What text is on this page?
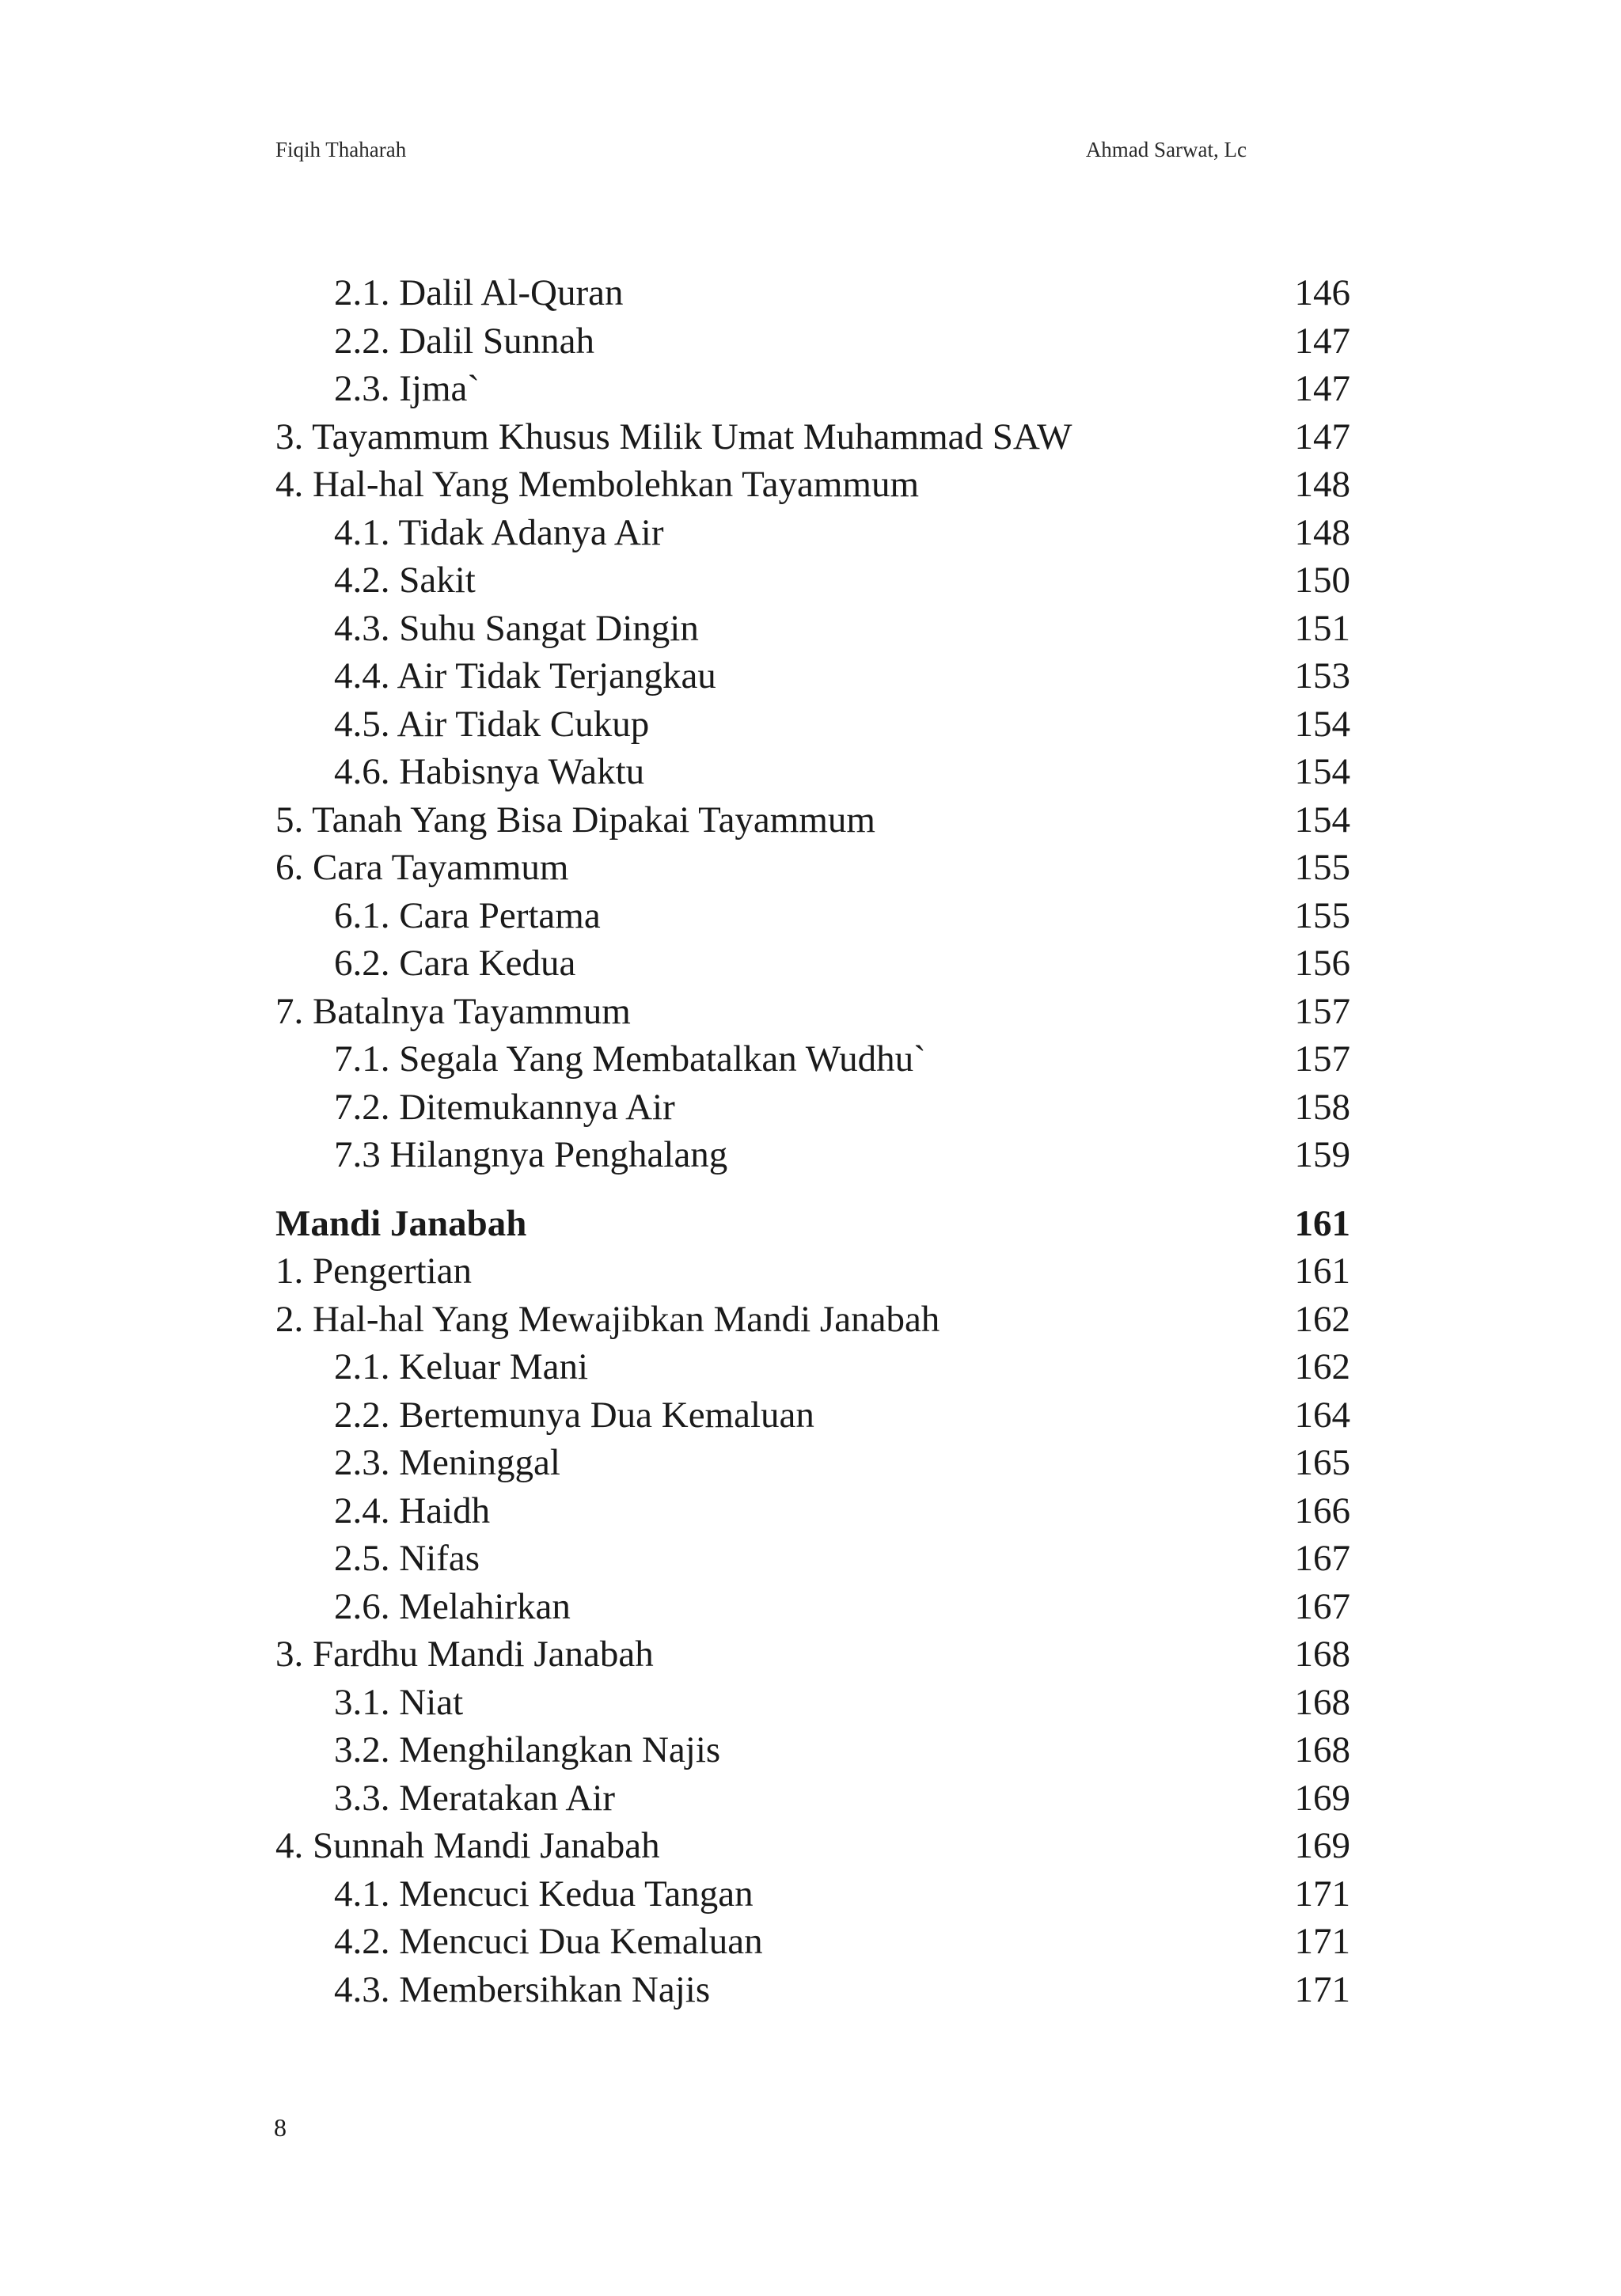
Fiqih Thaharah	Ahmad Sarwat, Lc
2.1. Dalil Al-Quran	146
2.2. Dalil Sunnah	147
2.3. Ijma`	147
3. Tayammum Khusus Milik Umat Muhammad SAW	147
4. Hal-hal Yang Membolehkan Tayammum	148
4.1. Tidak Adanya Air	148
4.2. Sakit	150
4.3. Suhu Sangat Dingin	151
4.4. Air Tidak Terjangkau	153
4.5. Air Tidak Cukup	154
4.6. Habisnya Waktu	154
5. Tanah Yang Bisa Dipakai Tayammum	154
6. Cara Tayammum	155
6.1. Cara Pertama	155
6.2. Cara Kedua	156
7. Batalnya Tayammum	157
7.1. Segala Yang Membatalkan Wudhu`	157
7.2. Ditemukannya Air	158
7.3 Hilangnya Penghalang	159
Mandi Janabah	161
1. Pengertian	161
2. Hal-hal Yang Mewajibkan Mandi Janabah	162
2.1. Keluar Mani	162
2.2. Bertemunya Dua Kemaluan	164
2.3. Meninggal	165
2.4. Haidh	166
2.5. Nifas	167
2.6. Melahirkan	167
3. Fardhu Mandi Janabah	168
3.1. Niat	168
3.2. Menghilangkan Najis	168
3.3. Meratakan Air	169
4. Sunnah Mandi Janabah	169
4.1. Mencuci Kedua Tangan	171
4.2. Mencuci Dua Kemaluan	171
4.3. Membersihkan Najis	171
8
